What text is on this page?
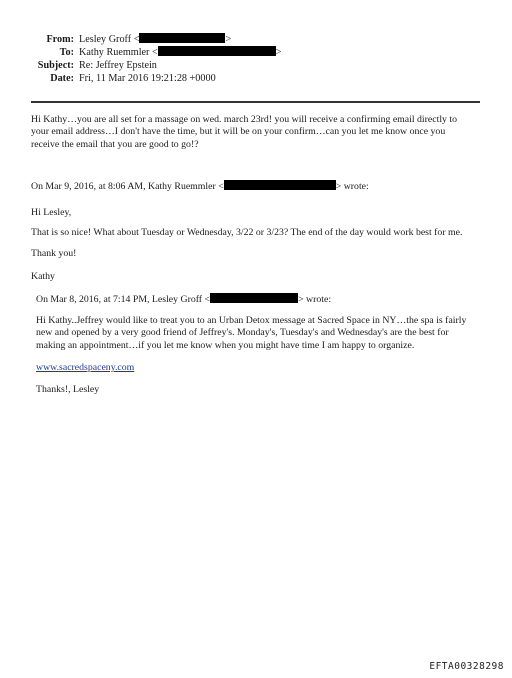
From: Lesley Groff <	>
To: Kathy Ruemmler <	>
Subject: Re: Jeffrey Epstein
Date: Fri, 11 Mar 2016 19:21:28 +0000
Hi Kathy…you are all set for a massage on wed. march 23rd! you will receive a confirming email directly to
your email address…I don't have the time, but it will be on your confirm…can you let me know once you
receive the email that you are good to go!?
On Mar 9, 2016, at 8:06 AM, Kathy Ruemmler <	> wrote:
Hi Lesley,
That is so nice! What about Tuesday or Wednesday, 3/22 or 3/23? The end of the day would work best for me.
Thank you!
Kathy
On Mar 8, 2016, at 7:14 PM, Lesley Groff <	> wrote:
Hi Kathy..Jeffrey would like to treat you to an Urban Detox message at Sacred Space in NY…the spa is fairly
new and opened by a very good friend of Jeffrey's. Monday's, Tuesday's and Wednesday's are the best for
making an appointment…if you let me know when you might have time I am happy to organize.
www.sacredspaceny.com
Thanks!, Lesley
EFTA00328298
